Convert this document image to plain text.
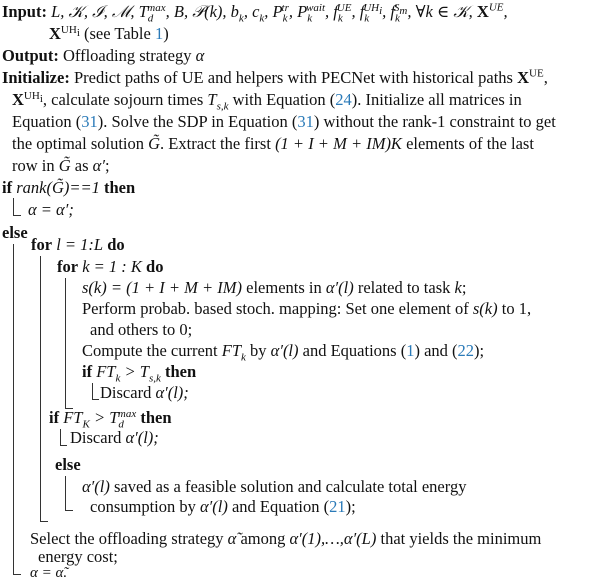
Input: L, 𝒦, ℐ, ℳ, $T_d^{max}$, B, 𝒫(k), $b_k$, $c_k$, $P_k^{tr}$, $P_k^{wait}$, $f_k^{UE}$, $f_k^{UH_i}$, $f_k^{S_m}$, ∀k ∈ 𝒦, $X^{UE}$,
$X^{UH_i}$ (see Table 1)
Output: Offloading strategy α
Initialize: Predict paths of UE and helpers with PECNet with historical paths $X^{UE}$,
$X^{UH_i}$, calculate sojourn times $T_{s,k}$ with Equation (24). Initialize all matrices in
Equation (31). Solve the SDP in Equation (31) without the rank-1 constraint to get
the optimal solution G̃. Extract the first (1 + I + M + IM)K elements of the last
row in G̃ as α′;
if rank(G̃)==1 then
α = α′;
else
for l = 1:L do
for k = 1 : K do
s(k) = (1 + I + M + IM) elements in α′(l) related to task k;
Perform probab. based stoch. mapping: Set one element of s(k) to 1,
and others to 0;
Compute the current $FT_k$ by α′(l) and Equations (1) and (22);
if $FT_k > T_{s,k}$ then
Discard α′(l);
if $FT_K > T_d^{max}$ then
Discard α′(l);
else
α′(l) saved as a feasible solution and calculate total energy
consumption by α′(l) and Equation (21);
Select the offloading strategy α̃ among α′(1),…,α′(L) that yields the minimum
energy cost;
α = α̃.
